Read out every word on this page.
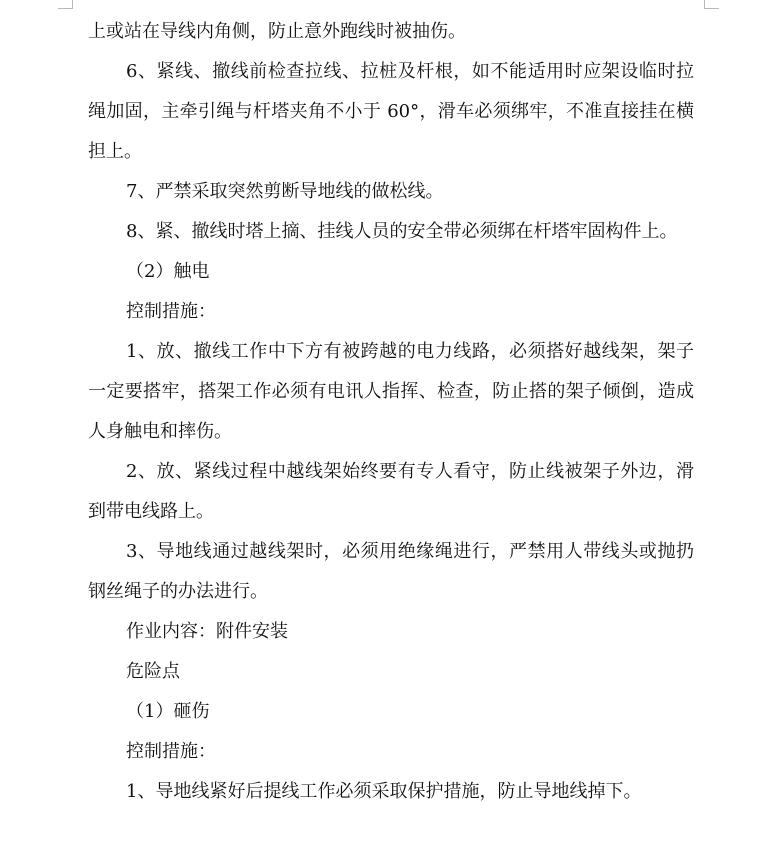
上或站在导线内角侧，防止意外跑线时被抽伤。

6、紧线、撤线前检查拉线、拉桩及杆根，如不能适用时应架设临时拉绳加固，主牵引绳与杆塔夹角不小于 60°，滑车必须绑牢，不准直接挂在横担上。

7、严禁采取突然剪断导地线的做松线。

8、紧、撤线时塔上摘、挂线人员的安全带必须绑在杆塔牢固构件上。

（2）触电

控制措施：

1、放、撤线工作中下方有被跨越的电力线路，必须搭好越线架，架子一定要搭牢，搭架工作必须有电讯人指挥、检查，防止搭的架子倾倒，造成人身触电和摔伤。

2、放、紧线过程中越线架始终要有专人看守，防止线被架子外边，滑到带电线路上。

3、导地线通过越线架时，必须用绝缘绳进行，严禁用人带线头或抛扔钢丝绳子的办法进行。

作业内容：附件安装

危险点

（1）砸伤

控制措施：

1、导地线紧好后提线工作必须采取保护措施，防止导地线掉下。
